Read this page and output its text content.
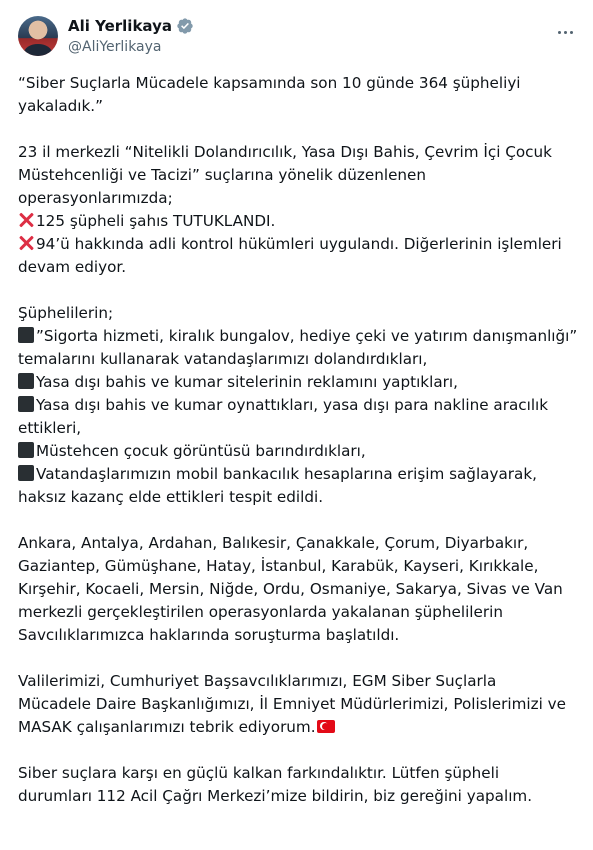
Ali Yerlikaya
@AliYerlikaya
“Siber Suçlarla Mücadele kapsamında son 10 günde 364 şüpheliyi
yakaladık.”
23 il merkezli “Nitelikli Dolandırıcılık, Yasa Dışı Bahis, Çevrim İçi Çocuk
Müstehcenliği ve Tacizi” suçlarına yönelik düzenlenen
operasyonlarımızda;
125 şüpheli şahıs TUTUKLANDI.
94’ü hakkında adli kontrol hükümleri uygulandı. Diğerlerinin işlemleri
devam ediyor.
Şüphelilerin;
”Sigorta hizmeti, kiralık bungalov, hediye çeki ve yatırım danışmanlığı”
temalarını kullanarak vatandaşlarımızı dolandırdıkları,
Yasa dışı bahis ve kumar sitelerinin reklamını yaptıkları,
Yasa dışı bahis ve kumar oynattıkları, yasa dışı para nakline aracılık
ettikleri,
Müstehcen çocuk görüntüsü barındırdıkları,
Vatandaşlarımızın mobil bankacılık hesaplarına erişim sağlayarak,
haksız kazanç elde ettikleri tespit edildi.
Ankara, Antalya, Ardahan, Balıkesir, Çanakkale, Çorum, Diyarbakır,
Gaziantep, Gümüşhane, Hatay, İstanbul, Karabük, Kayseri, Kırıkkale,
Kırşehir, Kocaeli, Mersin, Niğde, Ordu, Osmaniye, Sakarya, Sivas ve Van
merkezli gerçekleştirilen operasyonlarda yakalanan şüphelilerin
Savcılıklarımızca haklarında soruşturma başlatıldı.
Valilerimizi, Cumhuriyet Başsavcılıklarımızı, EGM Siber Suçlarla
Mücadele Daire Başkanlığımızı, İl Emniyet Müdürlerimizi, Polislerimizi ve
MASAK çalışanlarımızı tebrik ediyorum.
Siber suçlara karşı en güçlü kalkan farkındalıktır. Lütfen şüpheli
durumları 112 Acil Çağrı Merkezi’mize bildirin, biz gereğini yapalım.
